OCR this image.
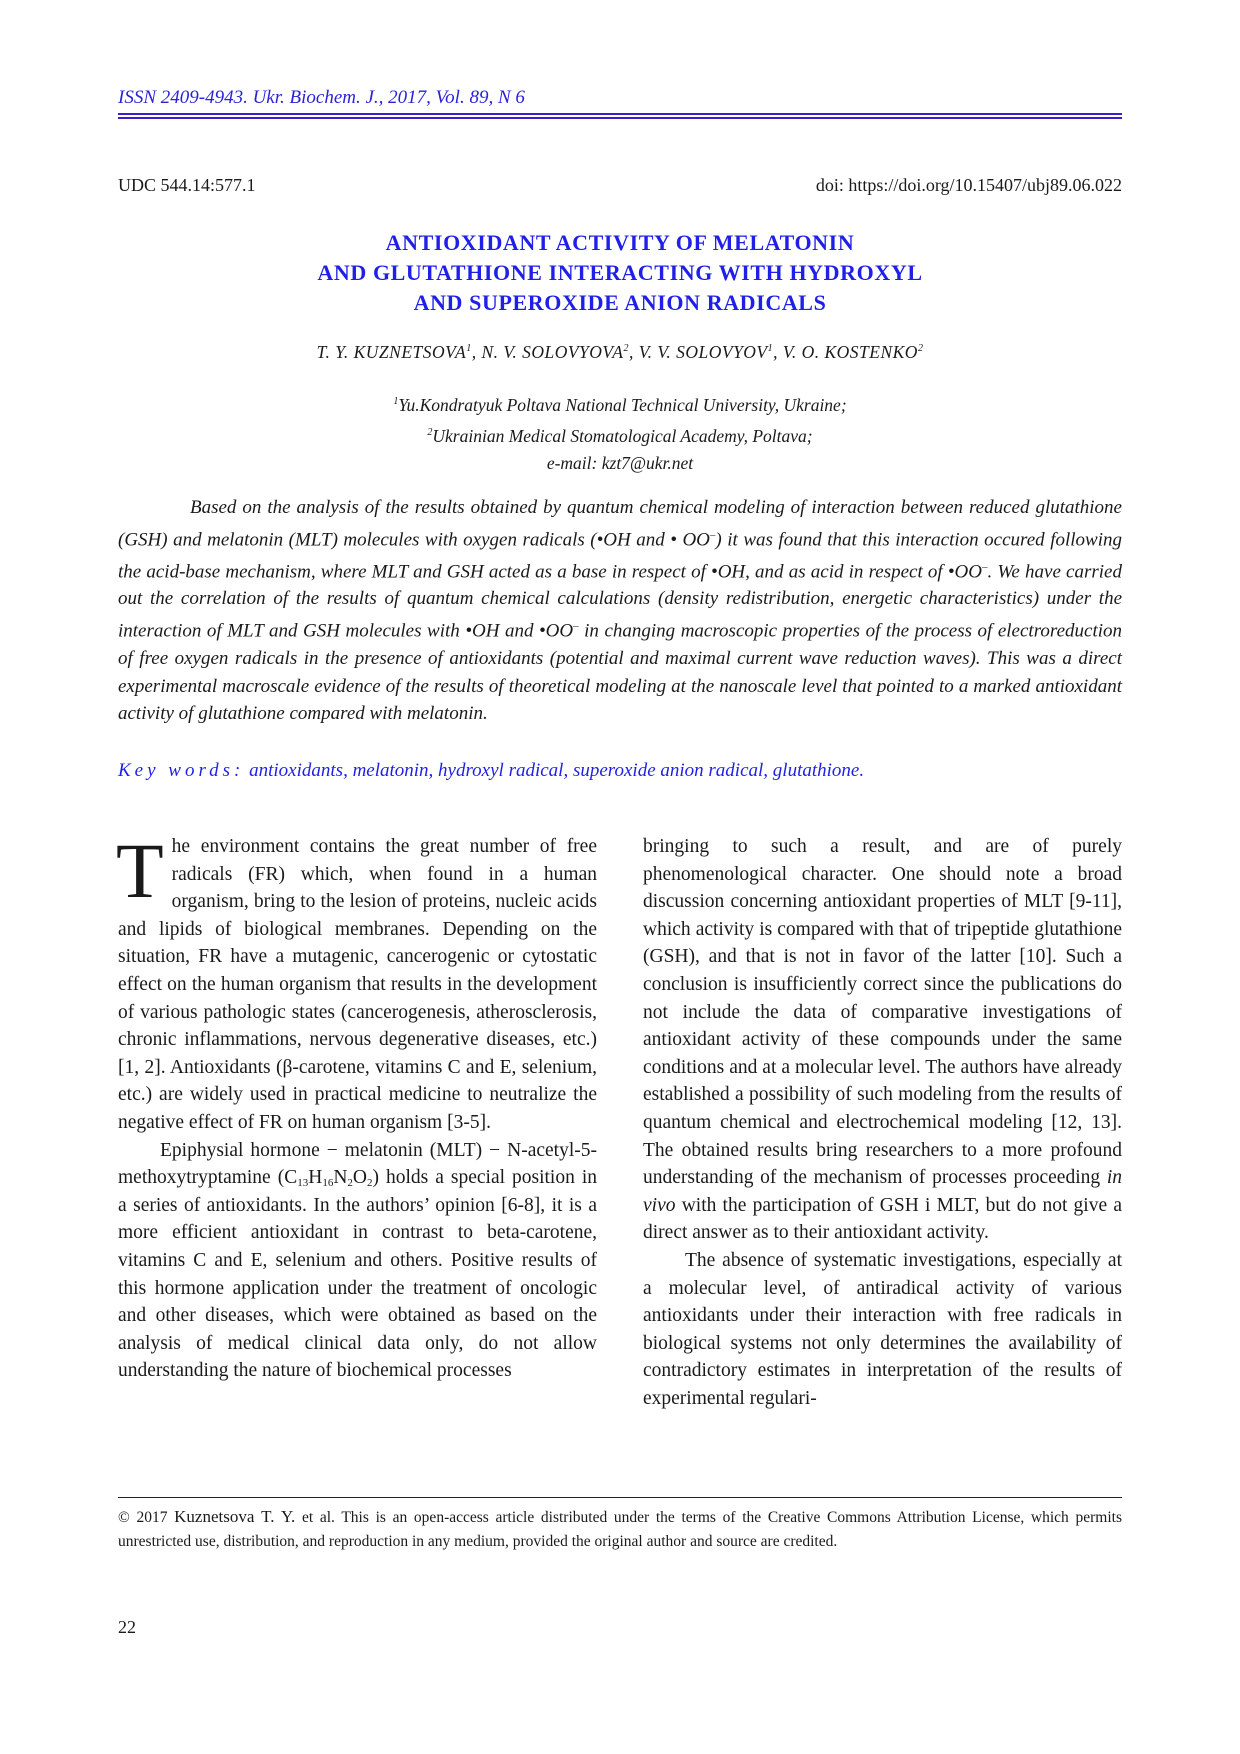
ISSN 2409-4943. Ukr. Biochem. J., 2017, Vol. 89, N 6
UDC 544.14:577.1	doi: https://doi.org/10.15407/ubj89.06.022
ANTIOXIDANT ACTIVITY OF MELATONIN
AND GLUTATHIONE INTERACTING WITH HYDROXYL
AND SUPEROXIDE ANION RADICALS
T. Y. KUZNETSOVA$^1$, N. V. SOLOVYOVA$^2$, V. V. SOLOVYOV$^1$, V. O. KOSTENKO$^2$
$^1$Yu.Kondratyuk Poltava National Technical University, Ukraine;
$^2$Ukrainian Medical Stomatological Academy, Poltava;
e-mail: kzt7@ukr.net
Based on the analysis of the results obtained by quantum chemical modeling of interaction between reduced glutathione (GSH) and melatonin (MLT) molecules with oxygen radicals (•OH and • OO–) it was found that this interaction occured following the acid-base mechanism, where MLT and GSH acted as a base in respect of •OH, and as acid in respect of •OO–. We have carried out the correlation of the results of quantum chemical calculations (density redistribution, energetic characteristics) under the interaction of MLT and GSH molecules with •OH and •OO– in changing macroscopic properties of the process of electroreduction of free oxygen radicals in the presence of antioxidants (potential and maximal current wave reduction waves). This was a direct experimental macroscale evidence of the results of theoretical modeling at the nanoscale level that pointed to a marked antioxidant activity of glutathione compared with melatonin.
Key words: antioxidants, melatonin, hydroxyl radical, superoxide anion radical, glutathione.

The environment contains the great number of free radicals (FR) which, when found in a human organism, bring to the lesion of proteins, nucleic acids and lipids of biological membranes. Depending on the situation, FR have a mutagenic, cancerogenic or cytostatic effect on the human organism that results in the development of various pathologic states (cancerogenesis, atherosclerosis, chronic inflammations, nervous degenerative diseases, etc.) [1, 2]. Antioxidants (β-carotene, vitamins C and E, selenium, etc.) are widely used in practical medicine to neutralize the negative effect of FR on human organism [3-5].

Epiphysial hormone − melatonin (MLT) − N-acetyl-5-methoxytryptamine $(C_{13}H_{16}N_2O_2)$ holds a special position in a series of antioxidants. In the authors’ opinion [6-8], it is a more efficient antioxidant in contrast to beta-carotene, vitamins C and E, selenium and others. Positive results of this hormone application under the treatment of oncologic and other diseases, which were obtained as based on the analysis of medical clinical data only, do not allow understanding the nature of biochemical processes

bringing to such a result, and are of purely phenomenological character. One should note a broad discussion concerning antioxidant properties of MLT [9-11], which activity is compared with that of tripeptide glutathione (GSH), and that is not in favor of the latter [10]. Such a conclusion is insufficiently correct since the publications do not include the data of comparative investigations of antioxidant activity of these compounds under the same conditions and at a molecular level. The authors have already established a possibility of such modeling from the results of quantum chemical and electrochemical modeling [12, 13]. The obtained results bring researchers to a more profound understanding of the mechanism of processes proceeding in vivo with the participation of GSH i MLT, but do not give a direct answer as to their antioxidant activity.

The absence of systematic investigations, especially at a molecular level, of antiradical activity of various antioxidants under their interaction with free radicals in biological systems not only determines the availability of contradictory estimates in interpretation of the results of experimental regulari-

© 2017 Kuznetsova T. Y. et al. This is an open-access article distributed under the terms of the Creative Commons Attribution License, which permits unrestricted use, distribution, and reproduction in any medium, provided the original author and source are credited.
22
